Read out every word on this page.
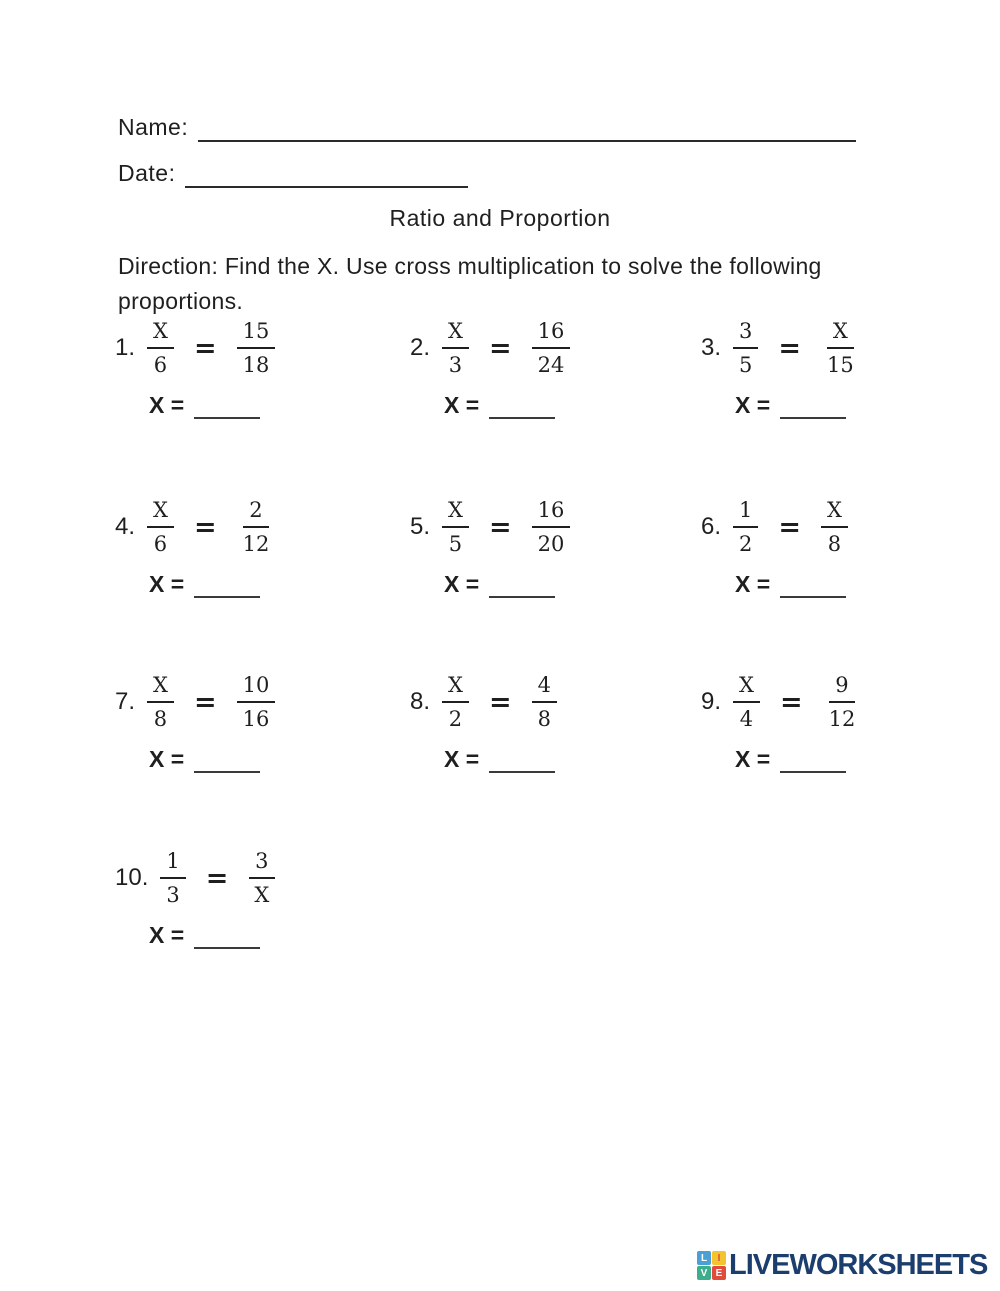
Name:
Date:
Ratio and Proportion
Direction: Find the X. Use cross multiplication to solve the following proportions.
1. $\frac{X}{6} = \frac{15}{18}$
X =
2. $\frac{X}{3} = \frac{16}{24}$
X =
3. $\frac{3}{5} = \frac{X}{15}$
X =
4. $\frac{X}{6} = \frac{2}{12}$
X =
5. $\frac{X}{5} = \frac{16}{20}$
X =
6. $\frac{1}{2} = \frac{X}{8}$
X =
7. $\frac{X}{8} = \frac{10}{16}$
X =
8. $\frac{X}{2} = \frac{4}{8}$
X =
9. $\frac{X}{4} = \frac{9}{12}$
X =
10. $\frac{1}{3} = \frac{3}{X}$
X =
L	I
V E LIVEWORKSHEETS
